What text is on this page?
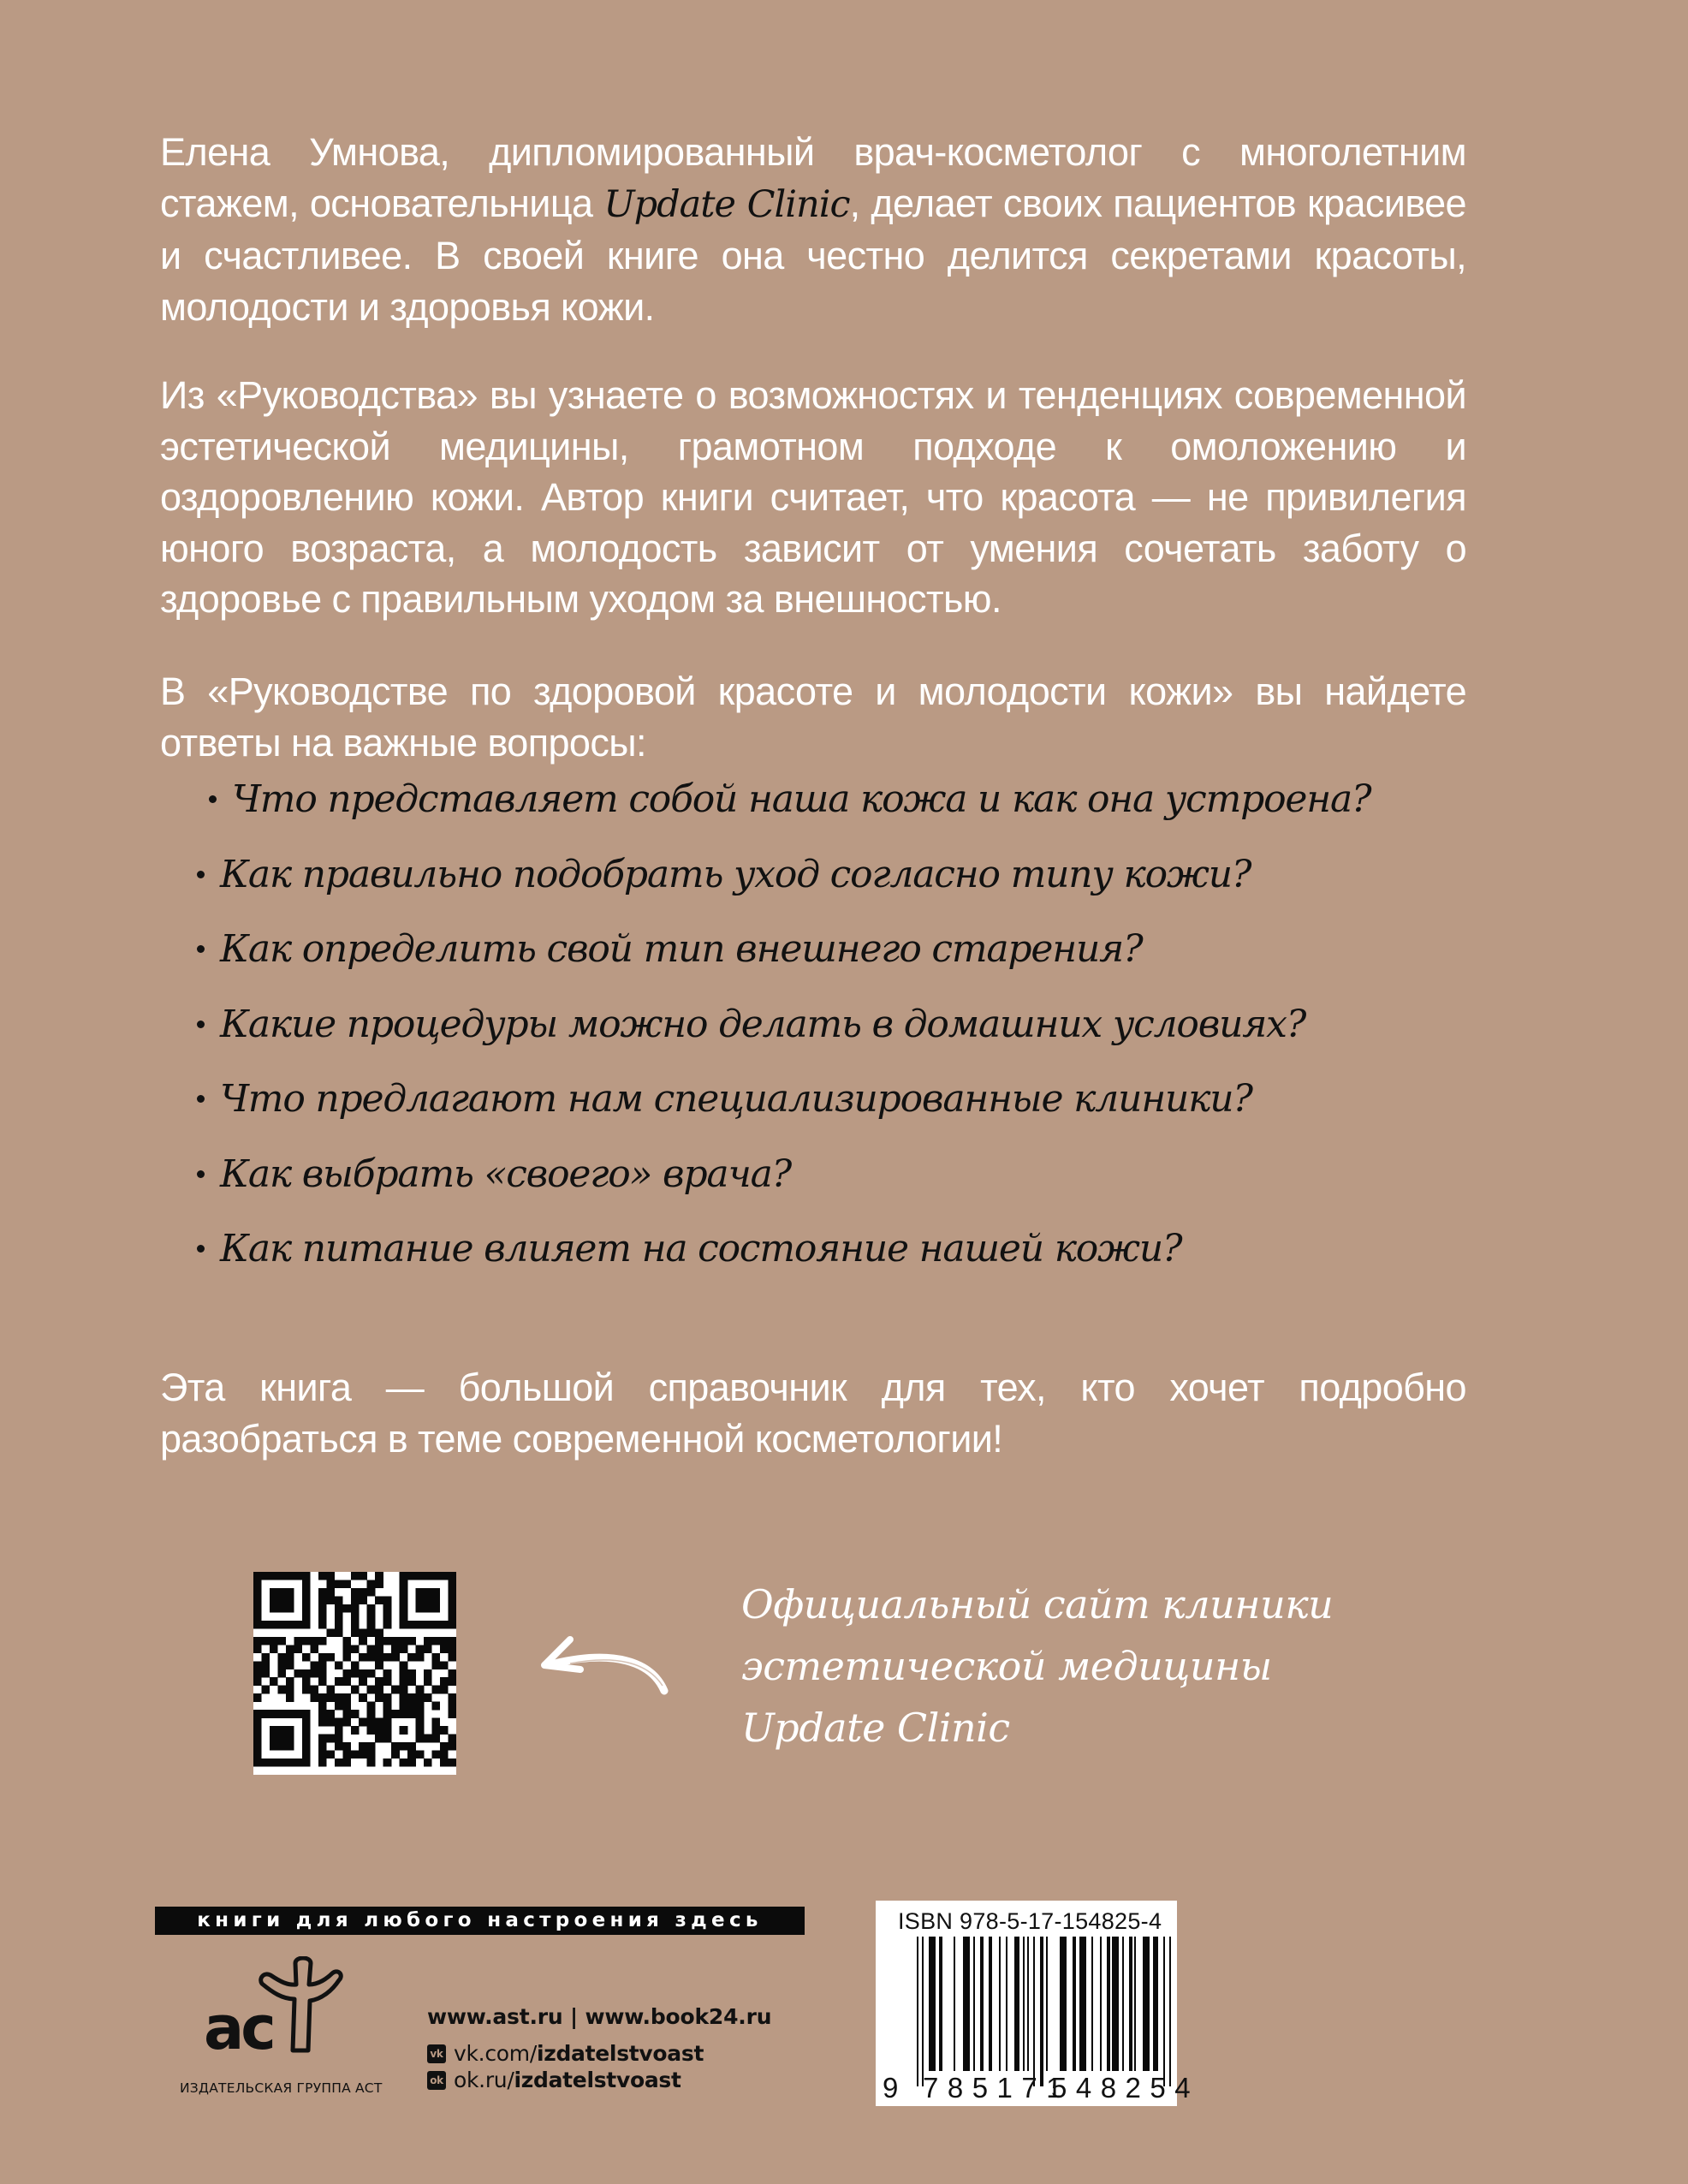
Елена Умнова, дипломированный врач-косметолог с многолетним стажем, основательница Update Clinic, делает своих пациентов красивее и счастливее. В своей книге она честно делится секретами красоты, молодости и здоровья кожи.

Из «Руководства» вы узнаете о возможностях и тенденциях современной эстетической медицины, грамотном подходе к омоложению и оздоровлению кожи. Автор книги считает, что красота — не привилегия юного возраста, а молодость зависит от умения сочетать заботу о здоровье с правильным уходом за внешностью.

В «Руководстве по здоровой красоте и молодости кожи» вы найдете ответы на важные вопросы:

Что представляет собой наша кожа и как она устроена?
Как правильно подобрать уход согласно типу кожи?
Как определить свой тип внешнего старения?
Какие процедуры можно делать в домашних условиях?
Что предлагают нам специализированные клиники?
Как выбрать «своего» врача?
Как питание влияет на состояние нашей кожи?

Эта книга — большой справочник для тех, кто хочет подробно разобраться в теме современной косметологии!

Официальный сайт клиники
эстетической медицины
Update Clinic
книги для любого настроения здесь
ac
ИЗДАТЕЛЬСКАЯ ГРУППА АСТ
www.ast.ru | www.book24.ru
vk vk.com/ izdatelstvoast
ok ok.ru/ izdatelstvoast
ISBN 978-5-17-154825-4
9 785171
548254
